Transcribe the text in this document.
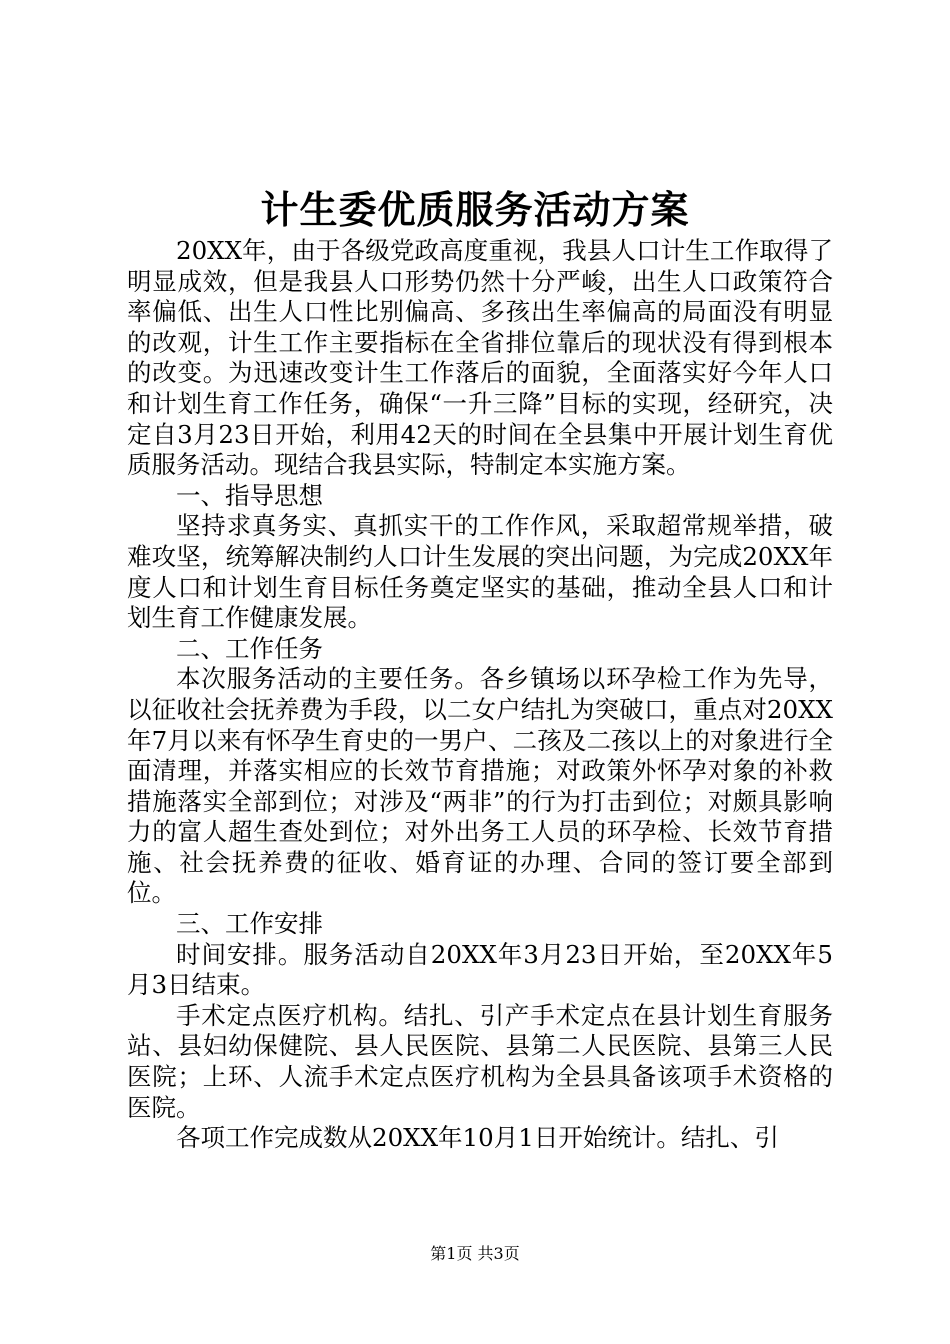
计生委优质服务活动方案

20XX年，由于各级党政高度重视，我县人口计生工作取得了明显成效，但是我县人口形势仍然十分严峻，出生人口政策符合率偏低、出生人口性比别偏高、多孩出生率偏高的局面没有明显的改观，计生工作主要指标在全省排位靠后的现状没有得到根本的改变。为迅速改变计生工作落后的面貌，全面落实好今年人口和计划生育工作任务，确保“一升三降”目标的实现，经研究，决定自3月23日开始，利用42天的时间在全县集中开展计划生育优质服务活动。现结合我县实际，特制定本实施方案。

一、指导思想

坚持求真务实、真抓实干的工作作风，采取超常规举措，破难攻坚，统筹解决制约人口计生发展的突出问题，为完成20XX年度人口和计划生育目标任务奠定坚实的基础，推动全县人口和计划生育工作健康发展。

二、工作任务

本次服务活动的主要任务。各乡镇场以环孕检工作为先导，以征收社会抚养费为手段，以二女户结扎为突破口，重点对20XX年7月以来有怀孕生育史的一男户、二孩及二孩以上的对象进行全面清理，并落实相应的长效节育措施；对政策外怀孕对象的补救措施落实全部到位；对涉及“两非”的行为打击到位；对颇具影响力的富人超生查处到位；对外出务工人员的环孕检、长效节育措施、社会抚养费的征收、婚育证的办理、合同的签订要全部到位。

三、工作安排

时间安排。服务活动自20XX年3月23日开始，至20XX年5月3日结束。

手术定点医疗机构。结扎、引产手术定点在县计划生育服务站、县妇幼保健院、县人民医院、县第二人民医院、县第三人民医院；上环、人流手术定点医疗机构为全县具备该项手术资格的医院。

各项工作完成数从20XX年10月1日开始统计。结扎、引

第1页 共3页
